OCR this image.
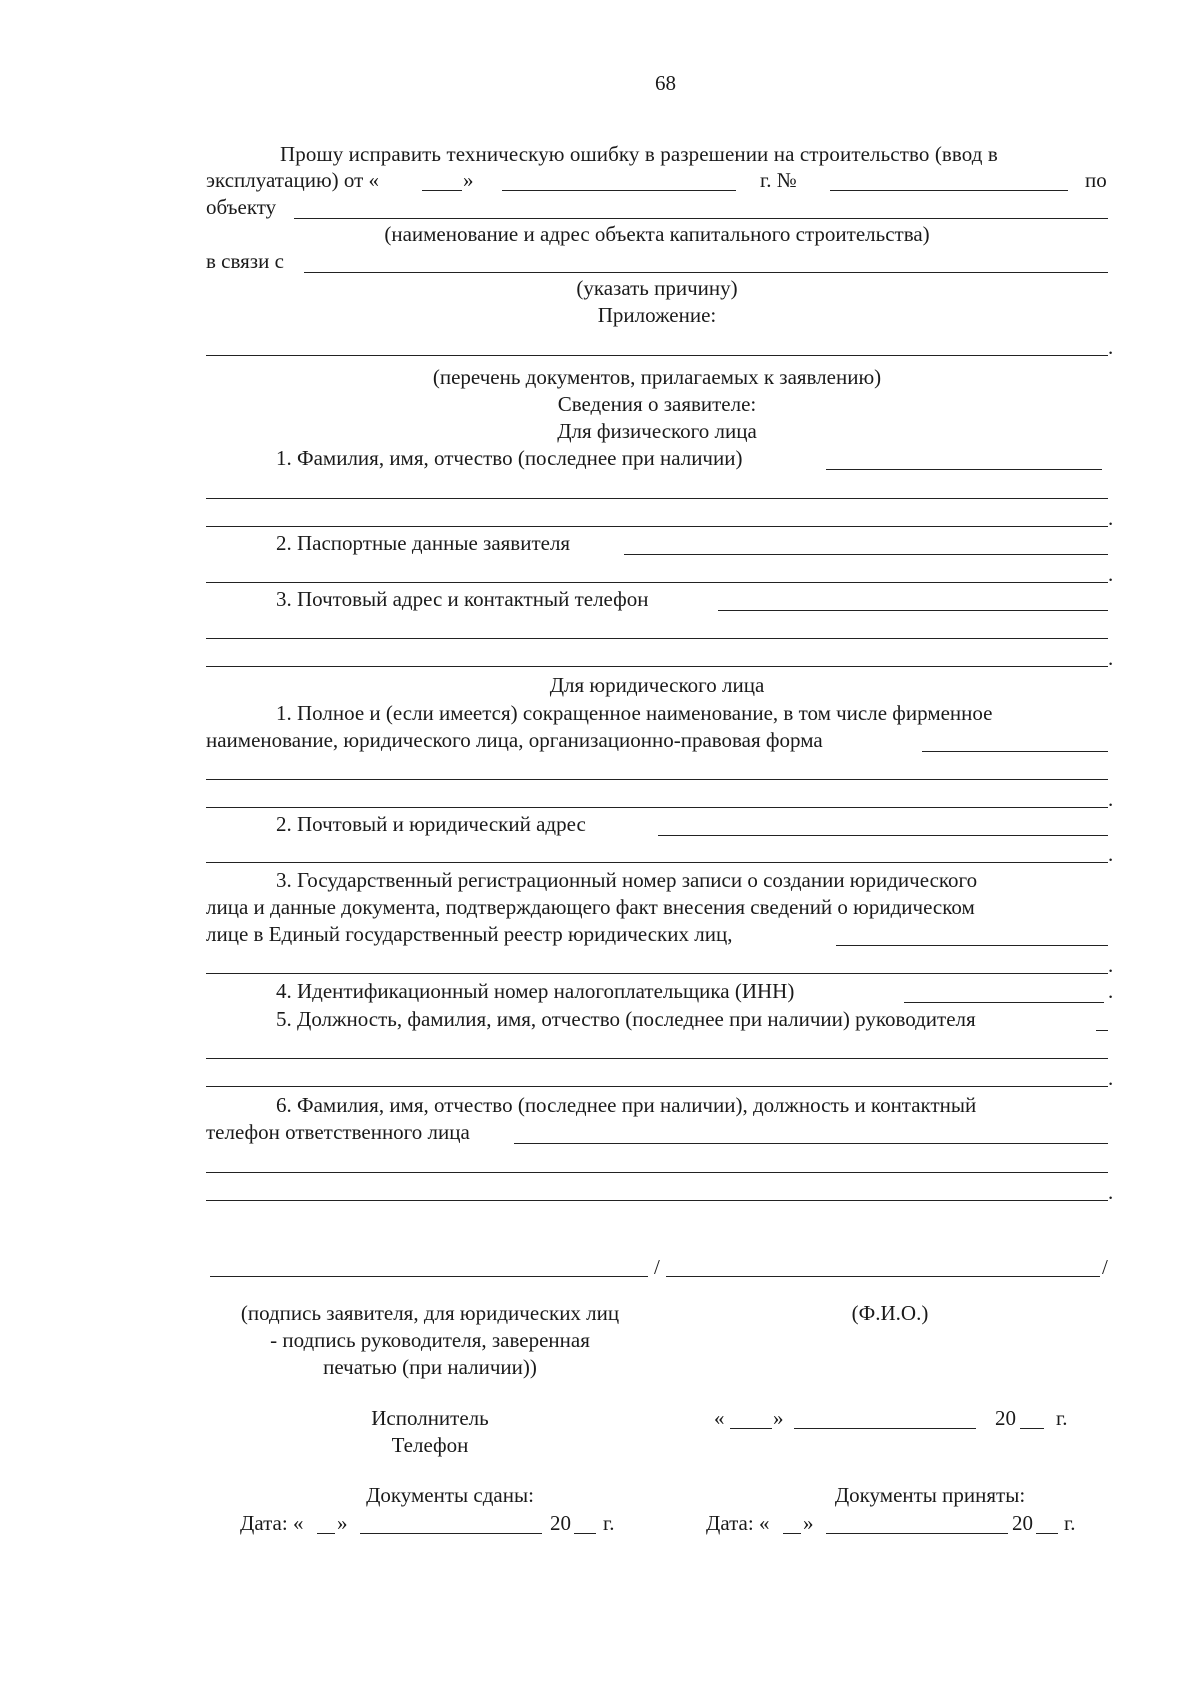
68
Прошу исправить техническую ошибку в разрешении на строительство (ввод в
эксплуатацию) от «	»	г. №	по
объекту
(наименование и адрес объекта капитального строительства)
в связи с
(указать причину)
Приложение:
.
(перечень документов, прилагаемых к заявлению)
Сведения о заявителе:
Для физического лица
1. Фамилия, имя, отчество (последнее при наличии)
.
2. Паспортные данные заявителя
.
3. Почтовый адрес и контактный телефон
.
Для юридического лица
1. Полное и (если имеется) сокращенное наименование, в том числе фирменное
наименование, юридического лица, организационно-правовая форма
.
2. Почтовый и юридический адрес
.
3. Государственный регистрационный номер записи о создании юридического
лица и данные документа, подтверждающего факт внесения сведений о юридическом
лице в Единый государственный реестр юридических лиц,
.
4. Идентификационный номер налогоплательщика (ИНН)	.
5. Должность, фамилия, имя, отчество (последнее при наличии) руководителя
.
6. Фамилия, имя, отчество (последнее при наличии), должность и контактный
телефон ответственного лица
.
/	/
(подпись заявителя, для юридических лиц
- подпись руководителя, заверенная
печатью (при наличии))
(Ф.И.О.)
Исполнитель
Телефон
« »	20 г.
Документы сданы:
Дата: « »	20 г.
Документы приняты:
Дата: « »	20 г.
